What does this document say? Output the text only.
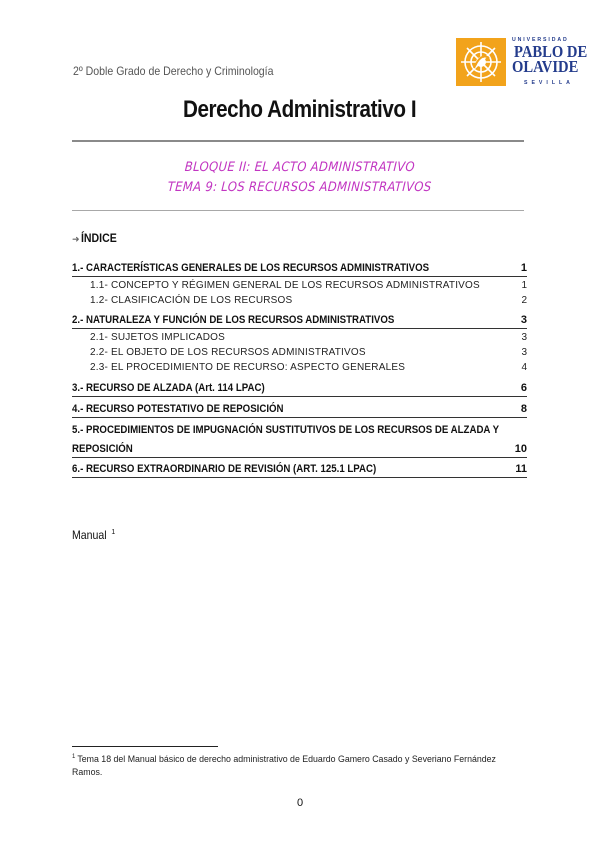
2º Doble Grado de Derecho y Criminología
UNIVERSIDAD
PABLO DE
OLAVIDE
SEVILLA
Derecho Administrativo I
BLOQUE II: EL ACTO ADMINISTRATIVO
TEMA 9: LOS RECURSOS ADMINISTRATIVOS
➜ÍNDICE
1.- CARACTERÍSTICAS GENERALES DE LOS RECURSOS ADMINISTRATIVOS	1
1.1- CONCEPTO Y RÉGIMEN GENERAL DE LOS RECURSOS ADMINISTRATIVOS	1
1.2- CLASIFICACIÓN DE LOS RECURSOS	2
2.- NATURALEZA Y FUNCIÓN DE LOS RECURSOS ADMINISTRATIVOS	3
2.1- SUJETOS IMPLICADOS	3
2.2- EL OBJETO DE LOS RECURSOS ADMINISTRATIVOS	3
2.3- EL PROCEDIMIENTO DE RECURSO: ASPECTO GENERALES	4
3.- RECURSO DE ALZADA (Art. 114 LPAC)	6
4.- RECURSO POTESTATIVO DE REPOSICIÓN	8
5.- PROCEDIMIENTOS DE IMPUGNACIÓN SUSTITUTIVOS DE LOS RECURSOS DE ALZADA Y
REPOSICIÓN	10
6.- RECURSO EXTRAORDINARIO DE REVISIÓN (ART. 125.1 LPAC)	11
Manual $^1$
$^1$ Tema 18 del Manual básico de derecho administrativo de Eduardo Gamero Casado y Severiano Fernández Ramos.
0
